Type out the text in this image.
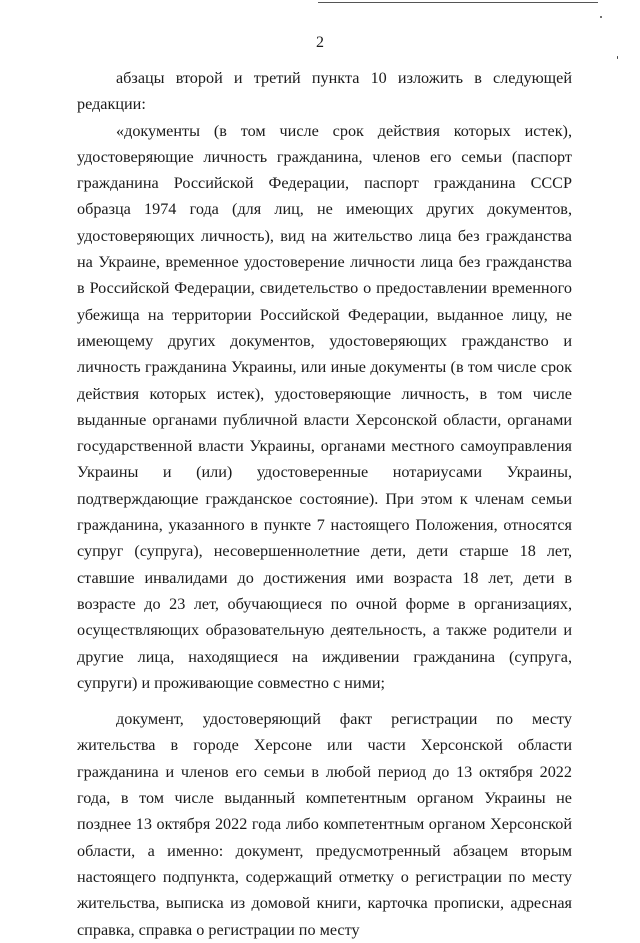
2

абзацы второй и третий пункта 10 изложить в следующей редакции:

«документы (в том числе срок действия которых истек), удостоверяющие личность гражданина, членов его семьи (паспорт гражданина Российской Федерации, паспорт гражданина СССР образца 1974 года (для лиц, не имеющих других документов, удостоверяющих личность), вид на жительство лица без гражданства на Украине, временное удостоверение личности лица без гражданства в Российской Федерации, свидетельство о предоставлении временного убежища на территории Российской Федерации, выданное лицу, не имеющему других документов, удостоверяющих гражданство и личность гражданина Украины, или иные документы (в том числе срок действия которых истек), удостоверяющие личность, в том числе выданные органами публичной власти Херсонской области, органами государственной власти Украины, органами местного самоуправления Украины и (или) удостоверенные нотариусами Украины, подтверждающие гражданское состояние). При этом к членам семьи гражданина, указанного в пункте 7 настоящего Положения, относятся супруг (супруга), несовершеннолетние дети, дети старше 18 лет, ставшие инвалидами до достижения ими возраста 18 лет, дети в возрасте до 23 лет, обучающиеся по очной форме в организациях, осуществляющих образовательную деятельность, а также родители и другие лица, находящиеся на иждивении гражданина (супруга, супруги) и проживающие совместно с ними;

документ, удостоверяющий факт регистрации по месту жительства в городе Херсоне или части Херсонской области гражданина и членов его семьи в любой период до 13 октября 2022 года, в том числе выданный компетентным органом Украины не позднее 13 октября 2022 года либо компетентным органом Херсонской области, а именно: документ, предусмотренный абзацем вторым настоящего подпункта, содержащий отметку о регистрации по месту жительства, выписка из домовой книги, карточка прописки, адресная справка, справка о регистрации по месту
